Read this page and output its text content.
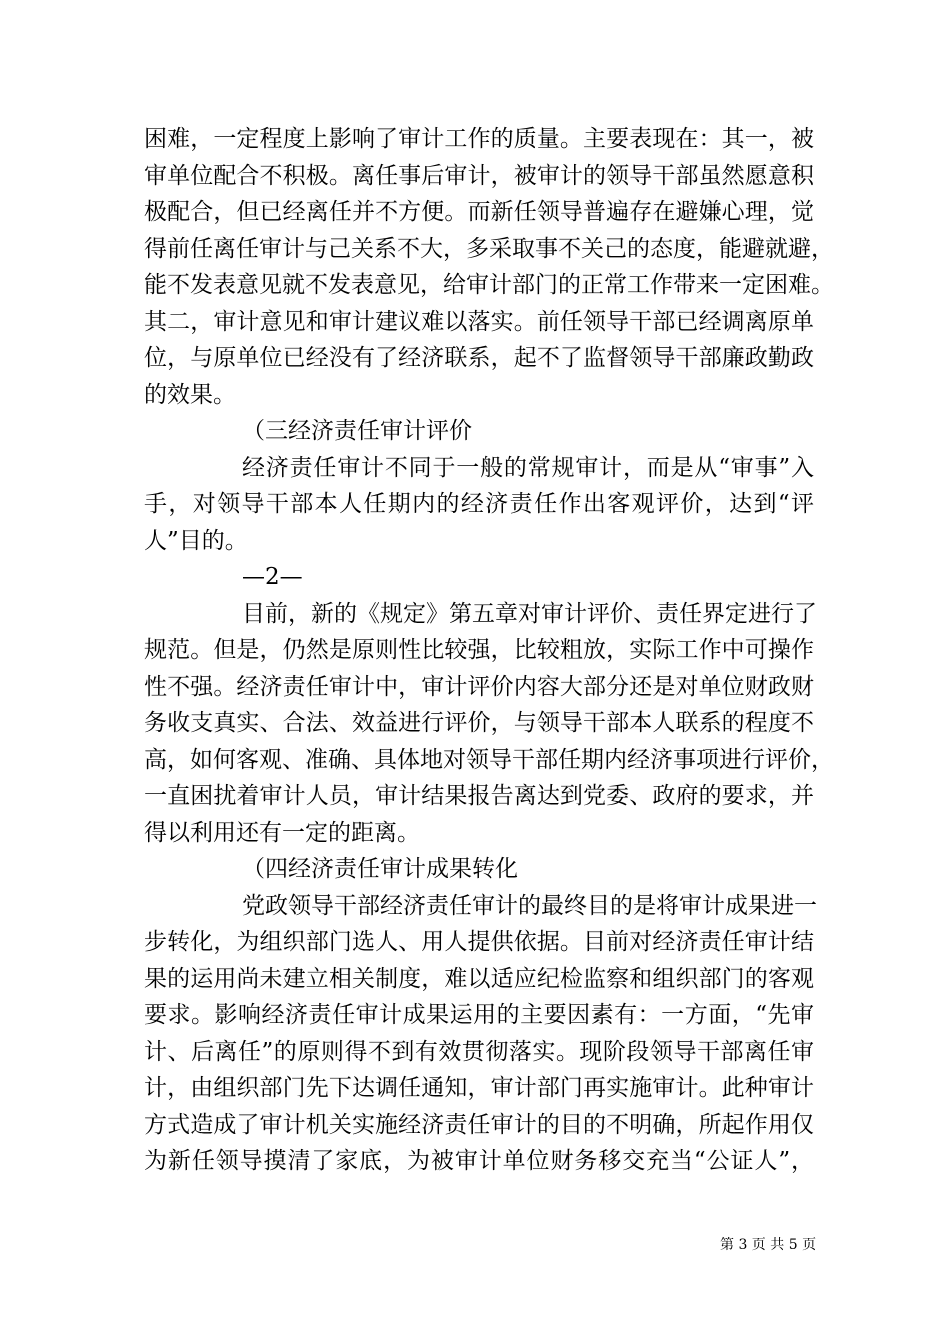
困难，一定程度上影响了审计工作的质量。主要表现在：其一，被
审单位配合不积极。离任事后审计，被审计的领导干部虽然愿意积
极配合，但已经离任并不方便。而新任领导普遍存在避嫌心理，觉
得前任离任审计与己关系不大，多采取事不关己的态度，能避就避，
能不发表意见就不发表意见，给审计部门的正常工作带来一定困难。
其二，审计意见和审计建议难以落实。前任领导干部已经调离原单
位，与原单位已经没有了经济联系，起不了监督领导干部廉政勤政
的效果。
（三经济责任审计评价
经济责任审计不同于一般的常规审计，而是从“审事”入
手，对领导干部本人任期内的经济责任作出客观评价，达到“评
人”目的。
—2—
目前，新的《规定》第五章对审计评价、责任界定进行了
规范。但是，仍然是原则性比较强，比较粗放，实际工作中可操作
性不强。经济责任审计中，审计评价内容大部分还是对单位财政财
务收支真实、合法、效益进行评价，与领导干部本人联系的程度不
高，如何客观、准确、具体地对领导干部任期内经济事项进行评价，
一直困扰着审计人员，审计结果报告离达到党委、政府的要求，并
得以利用还有一定的距离。
（四经济责任审计成果转化
党政领导干部经济责任审计的最终目的是将审计成果进一
步转化，为组织部门选人、用人提供依据。目前对经济责任审计结
果的运用尚未建立相关制度，难以适应纪检监察和组织部门的客观
要求。影响经济责任审计成果运用的主要因素有：一方面，“先审
计、后离任”的原则得不到有效贯彻落实。现阶段领导干部离任审
计，由组织部门先下达调任通知，审计部门再实施审计。此种审计
方式造成了审计机关实施经济责任审计的目的不明确，所起作用仅
为新任领导摸清了家底，为被审计单位财务移交充当“公证人”，
第 3 页 共 5 页
